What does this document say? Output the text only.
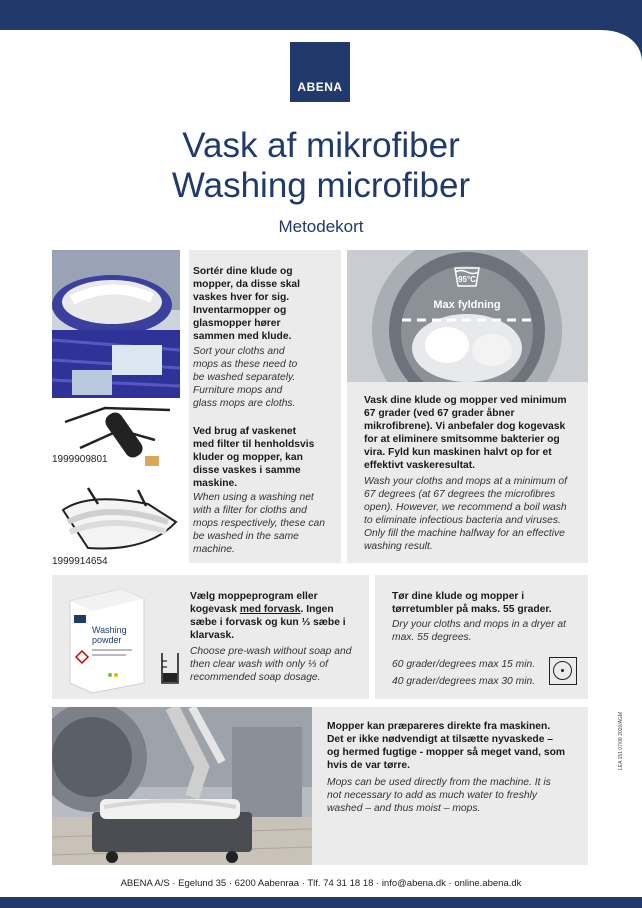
ABENA
Vask af mikrofiber
Washing microfiber
Metodekort
1999909801
1999914654
Sortér dine klude og mopper, da disse skal vaskes hver for sig. Inventarmopper og glasmopper hører sammen med klude.
Sort your cloths and mops as these need to be washed separately. Furniture mops and glass mops are cloths.
Ved brug af vaskenet med filter til henholdsvis kluder og mopper, kan disse vaskes i samme maskine.
When using a washing net with a filter for cloths and mops respectively, these can be washed in the same machine.
95°C
Max fyldning
Vask dine klude og mopper ved minimum 67 grader (ved 67 grader åbner mikrofibrene). Vi anbefaler dog kogevask for at eliminere smitsomme bakterier og vira. Fyld kun maskinen halvt op for et effektivt vaskeresultat.
Wash your cloths and mops at a minimum of 67 degrees (at 67 degrees the microfibres open). However, we recommend a boil wash to eliminate infectious bacteria and viruses. Only fill the machine halfway for an effective washing result.
Washing
powder
Vælg moppeprogram eller kogevask med forvask. Ingen sæbe i forvask og kun ⅓ sæbe i klarvask.
Choose pre-wash without soap and then clear wash with only ⅓ of recommended soap dosage.
Tør dine klude og mopper i tørretumbler på maks. 55 grader.
Dry your cloths and mops in a dryer at max. 55 degrees.
60 grader/degrees max 15 min.
40 grader/degrees max 30 min.
Mopper kan præpareres direkte fra maskinen. Det er ikke nødvendigt at tilsætte nyvaskede – og hermed fugtige - mopper så meget vand, som hvis de var tørre.
Mops can be used directly from the machine. It is not necessary to add as much water to freshly washed – and thus moist – mops.
LEA 151 07/08 2020/AGM
ABENA A/S · Egelund 35 · 6200 Aabenraa · Tlf. 74 31 18 18 · info@abena.dk · online.abena.dk
